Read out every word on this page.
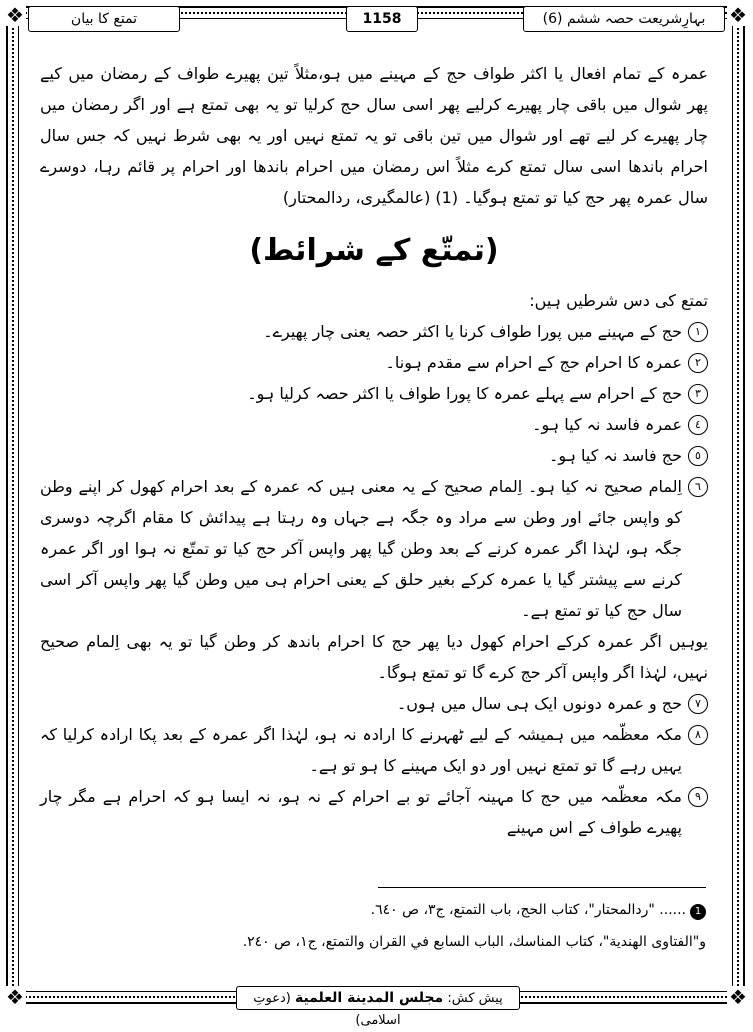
❖	❖
❖	❖
بہارِشریعت حصہ ششم (6)
1158
تمتع کا بیان

عمرہ کے تمام افعال یا اکثر طواف حج کے مہینے میں ہو،مثلاً تین پھیرے طواف کے رمضان میں کیے پھر شوال میں باقی چار پھیرے کرلیے پھر اسی سال حج کرلیا تو یہ بھی تمتع ہے اور اگر رمضان میں چار پھیرے کر لیے تھے اور شوال میں تین باقی تو یہ تمتع نہیں اور یہ بھی شرط نہیں کہ جس سال احرام باندھا اسی سال تمتع کرے مثلاً اس رمضان میں احرام باندھا اور احرام پر قائم رہا، دوسرے سال عمرہ پھر حج کیا تو تمتع ہوگیا۔ (1) (عالمگیری، ردالمحتار)

(تمتّع کے شرائط)

تمتع کی دس شرطیں ہیں:

١
حج کے مہینے میں پورا طواف کرنا یا اکثر حصہ یعنی چار پھیرے۔
٢
عمرہ کا احرام حج کے احرام سے مقدم ہونا۔
٣
حج کے احرام سے پہلے عمرہ کا پورا طواف یا اکثر حصہ کرلیا ہو۔
٤
عمرہ فاسد نہ کیا ہو۔
٥
حج فاسد نہ کیا ہو۔
٦
اِلمام صحیح نہ کیا ہو۔ اِلمام صحیح کے یہ معنی ہیں کہ عمرہ کے بعد احرام کھول کر اپنے وطن کو واپس جائے اور وطن سے مراد وہ جگہ ہے جہاں وہ رہتا ہے پیدائش کا مقام اگرچہ دوسری جگہ ہو، لہٰذا اگر عمرہ کرنے کے بعد وطن گیا پھر واپس آکر حج کیا تو تمتّع نہ ہوا اور اگر عمرہ کرنے سے پیشتر گیا یا عمرہ کرکے بغیر حلق کے یعنی احرام ہی میں وطن گیا پھر واپس آکر اسی سال حج کیا تو تمتع ہے۔

یوہیں اگر عمرہ کرکے احرام کھول دیا پھر حج کا احرام باندھ کر وطن گیا تو یہ بھی اِلمام صحیح نہیں، لہٰذا اگر واپس آکر حج کرے گا تو تمتع ہوگا۔

٧
حج و عمرہ دونوں ایک ہی سال میں ہوں۔
٨
مکہ معظّمہ میں ہمیشہ کے لیے ٹھہرنے کا ارادہ نہ ہو، لہٰذا اگر عمرہ کے بعد پکا ارادہ کرلیا کہ یہیں رہے گا تو تمتع نہیں اور دو ایک مہینے کا ہو تو ہے۔
٩
مکہ معظّمہ میں حج کا مہینہ آجائے تو بے احرام کے نہ ہو، نہ ایسا ہو کہ احرام ہے مگر چار پھیرے طواف کے اس مہینے

1...... "ردالمحتار"، كتاب الحج، باب التمتع، ج٣، ص ٦٤٠.

و"الفتاوى الهندية"، كتاب المناسك، الباب السابع في القران والتمتع، ج١، ص ٢٤٠.

پیش کش: مجلس المدينة العلمية (دعوتِ اسلامی)
